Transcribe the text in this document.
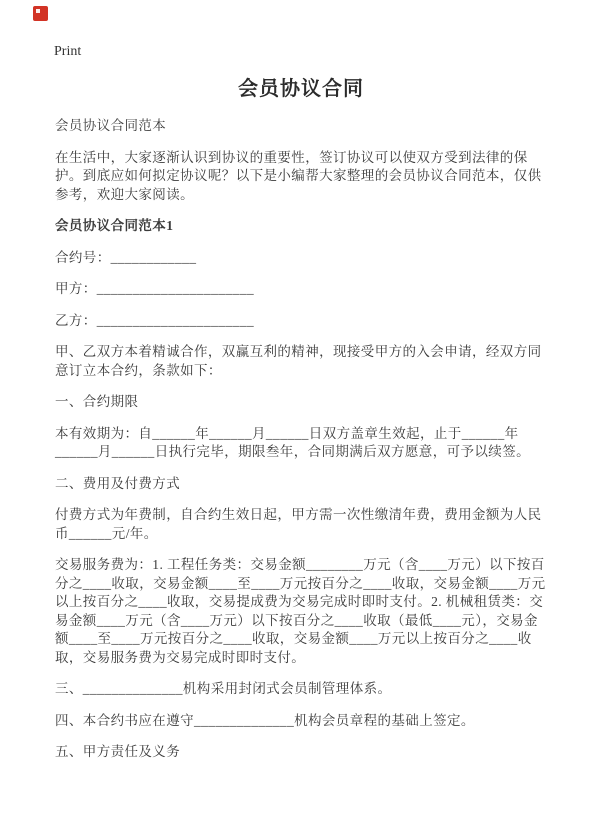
Print
会员协议合同

会员协议合同范本

在生活中，大家逐渐认识到协议的重要性，签订协议可以使双方受到法律的保护。到底应如何拟定协议呢？以下是小编帮大家整理的会员协议合同范本，仅供参考，欢迎大家阅读。

会员协议合同范本1

合约号：____________

甲方：______________________

乙方：______________________

甲、乙双方本着精诚合作，双赢互利的精神，现接受甲方的入会申请，经双方同意订立本合约，条款如下：

一、合约期限

本有效期为：自______年______月______日双方盖章生效起，止于______年______月______日执行完毕，期限叁年，合同期满后双方愿意，可予以续签。

二、费用及付费方式

付费方式为年费制，自合约生效日起，甲方需一次性缴清年费，费用金额为人民币______元/年。

交易服务费为：1. 工程任务类：交易金额________万元（含____万元）以下按百分之____收取，交易金额____至____万元按百分之____收取，交易金额____万元以上按百分之____收取，交易提成费为交易完成时即时支付。2. 机械租赁类：交易金额____万元（含____万元）以下按百分之____收取（最低____元），交易金额____至____万元按百分之____收取，交易金额____万元以上按百分之____收取，交易服务费为交易完成时即时支付。

三、______________机构采用封闭式会员制管理体系。

四、本合约书应在遵守______________机构会员章程的基础上签定。

五、甲方责任及义务
